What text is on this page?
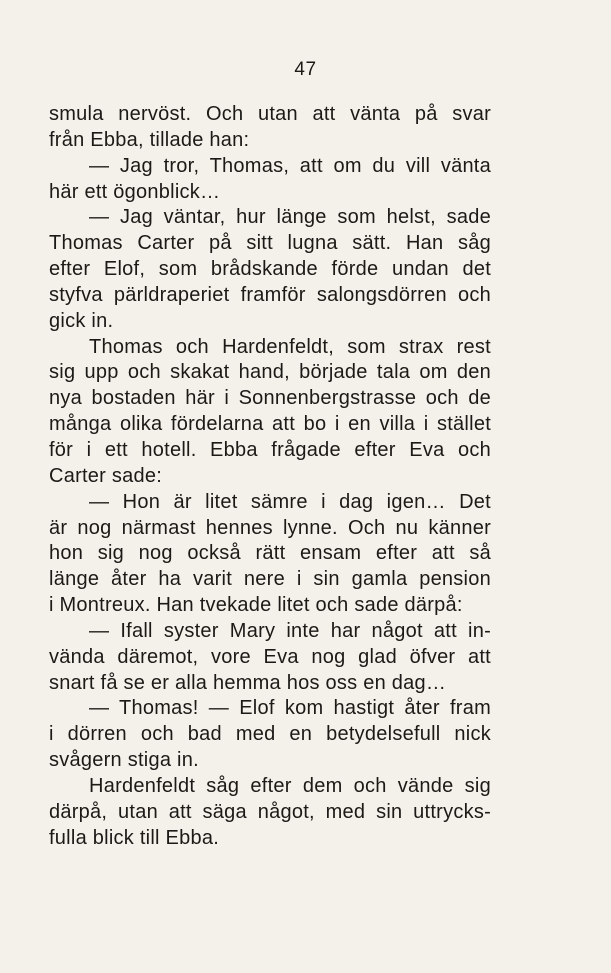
47
smula nervöst. Och utan att vänta på svar
från Ebba, tillade han:
— Jag tror, Thomas, att om du vill vänta
här ett ögonblick…
— Jag väntar, hur länge som helst, sade
Thomas Carter på sitt lugna sätt. Han såg
efter Elof, som brådskande förde undan det
styfva pärldraperiet framför salongsdörren och
gick in.
Thomas och Hardenfeldt, som strax rest
sig upp och skakat hand, började tala om den
nya bostaden här i Sonnenbergstrasse och de
många olika fördelarna att bo i en villa i stället
för i ett hotell. Ebba frågade efter Eva och
Carter sade:
— Hon är litet sämre i dag igen… Det
är nog närmast hennes lynne. Och nu känner
hon sig nog också rätt ensam efter att så
länge åter ha varit nere i sin gamla pension
i Montreux. Han tvekade litet och sade därpå:
— Ifall syster Mary inte har något att in-
vända däremot, vore Eva nog glad öfver att
snart få se er alla hemma hos oss en dag…
— Thomas! — Elof kom hastigt åter fram
i dörren och bad med en betydelsefull nick
svågern stiga in.
Hardenfeldt såg efter dem och vände sig
därpå, utan att säga något, med sin uttrycks-
fulla blick till Ebba.
